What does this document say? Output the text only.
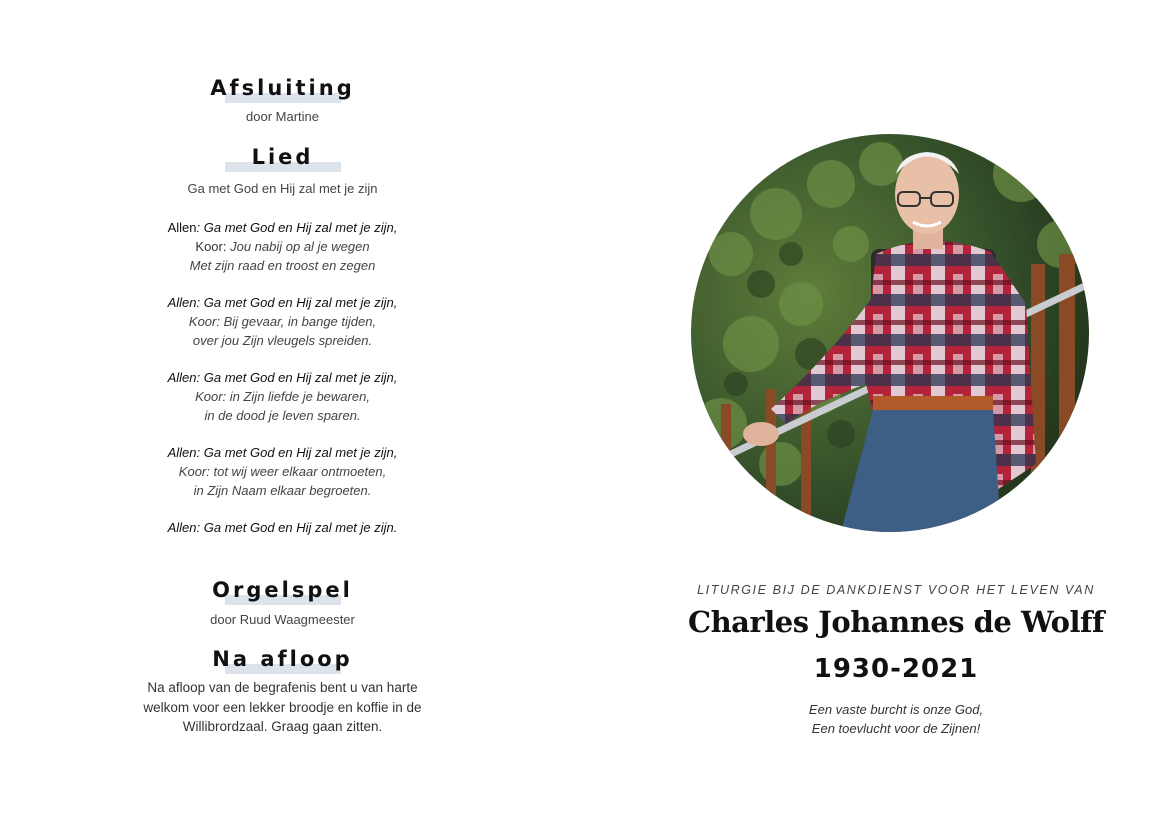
Afsluiting
door Martine
Lied
Ga met God en Hij zal met je zijn
Allen: Ga met God en Hij zal met je zijn,
Koor: Jou nabij op al je wegen
Met zijn raad en troost en zegen
Allen: Ga met God en Hij zal met je zijn,
Koor: Bij gevaar, in bange tijden,
over jou Zijn vleugels spreiden.
Allen: Ga met God en Hij zal met je zijn,
Koor: in Zijn liefde je bewaren,
in de dood je leven sparen.
Allen: Ga met God en Hij zal met je zijn,
Koor: tot wij weer elkaar ontmoeten,
in Zijn Naam elkaar begroeten.
Allen: Ga met God en Hij zal met je zijn.
Orgelspel
door Ruud Waagmeester
Na afloop
Na afloop van de begrafenis bent u van harte
welkom voor een lekker broodje en koffie in de
Willibrordzaal. Graag gaan zitten.
LITURGIE BIJ DE DANKDIENST VOOR HET LEVEN VAN
Charles Johannes de Wolff
1930-2021
Een vaste burcht is onze God,
Een toevlucht voor de Zijnen!
